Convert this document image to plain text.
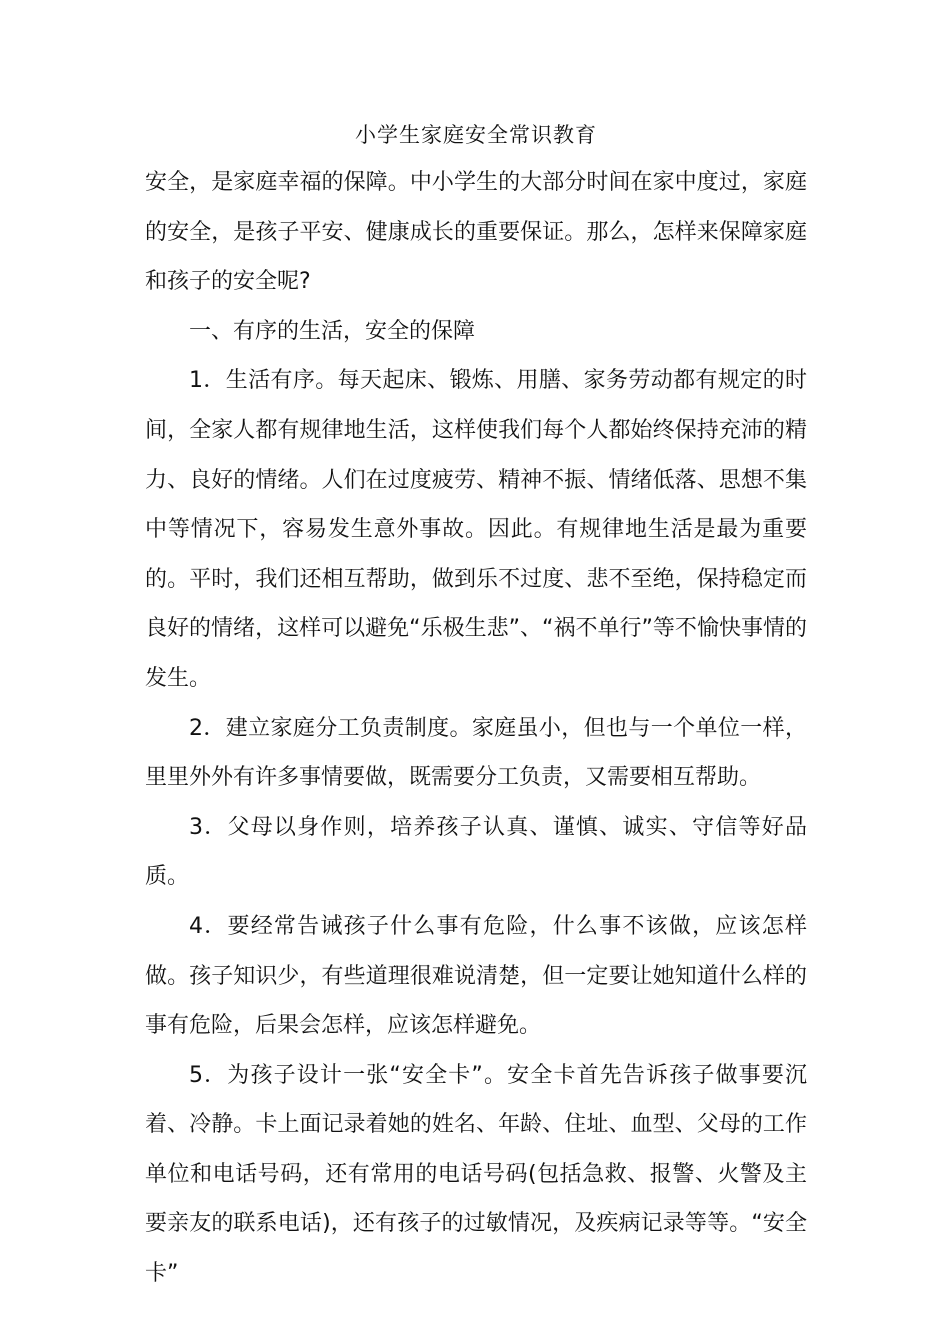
小学生家庭安全常识教育

安全，是家庭幸福的保障。中小学生的大部分时间在家中度过，家庭的安全，是孩子平安、健康成长的重要保证。那么，怎样来保障家庭和孩子的安全呢?

一、有序的生活，安全的保障

1．生活有序。每天起床、锻炼、用膳、家务劳动都有规定的时间，全家人都有规律地生活，这样使我们每个人都始终保持充沛的精力、良好的情绪。人们在过度疲劳、精神不振、情绪低落、思想不集中等情况下，容易发生意外事故。因此。有规律地生活是最为重要的。平时，我们还相互帮助，做到乐不过度、悲不至绝，保持稳定而良好的情绪，这样可以避免“乐极生悲”、“祸不单行”等不愉快事情的发生。

2．建立家庭分工负责制度。家庭虽小，但也与一个单位一样，里里外外有许多事情要做，既需要分工负责，又需要相互帮助。

3．父母以身作则，培养孩子认真、谨慎、诚实、守信等好品质。

4．要经常告诫孩子什么事有危险，什么事不该做，应该怎样做。孩子知识少，有些道理很难说清楚，但一定要让她知道什么样的事有危险，后果会怎样，应该怎样避免。

5．为孩子设计一张“安全卡”。安全卡首先告诉孩子做事要沉着、冷静。卡上面记录着她的姓名、年龄、住址、血型、父母的工作单位和电话号码，还有常用的电话号码(包括急救、报警、火警及主要亲友的联系电话)，还有孩子的过敏情况，及疾病记录等等。“安全卡”
